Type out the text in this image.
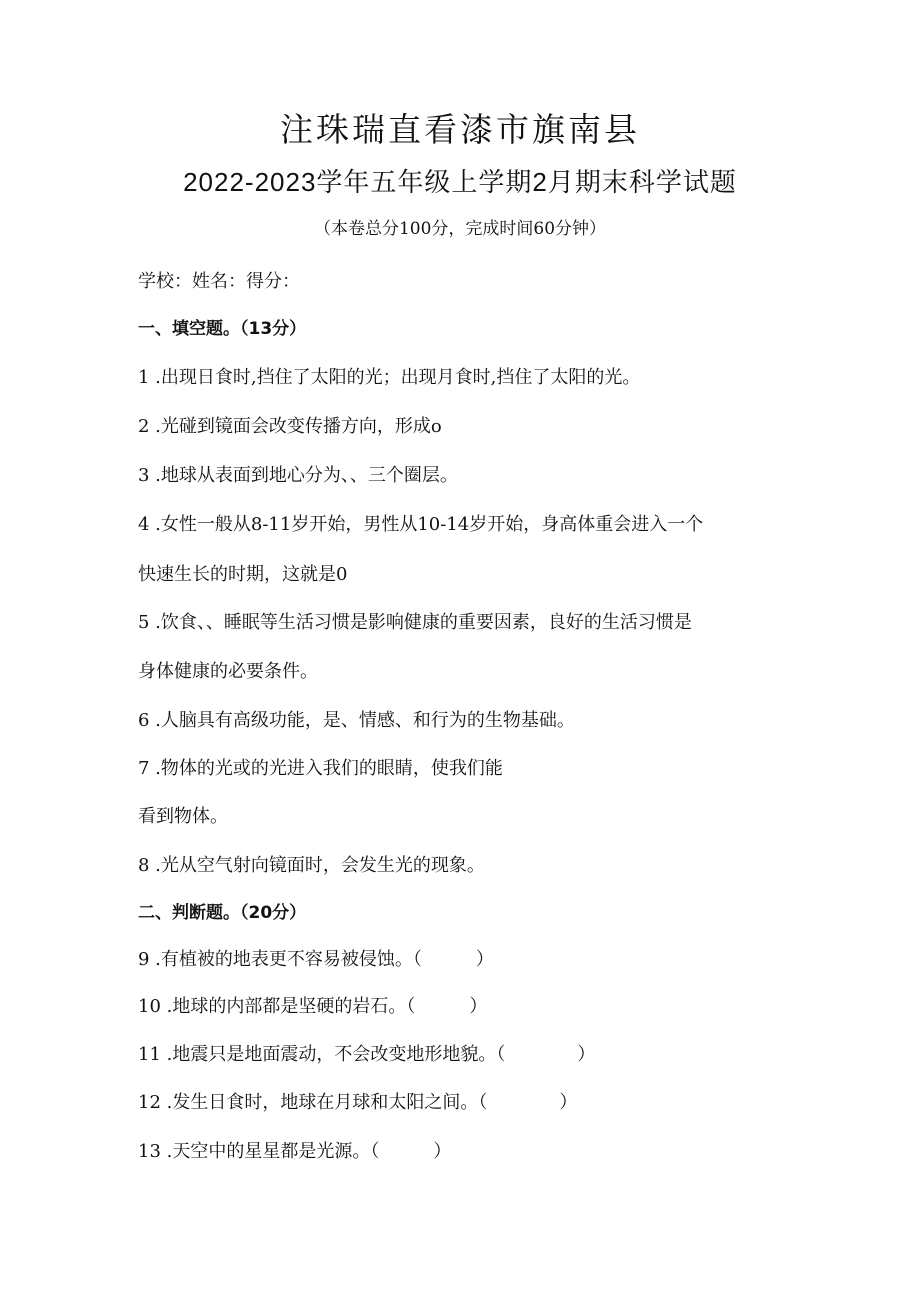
注珠瑞直看漆市旗南县
2022-2023学年五年级上学期2月期末科学试题
（本卷总分100分，完成时间60分钟）
学校：姓名：得分：
一、填空题。（13分）
1 .出现日食时,挡住了太阳的光；出现月食时,挡住了太阳的光。
2 .光碰到镜面会改变传播方向，形成o
3 .地球从表面到地心分为、、三个圈层。
4 .女性一般从8-11岁开始，男性从10-14岁开始，身高体重会进入一个
快速生长的时期，这就是0
5 .饮食、、睡眠等生活习惯是影响健康的重要因素，良好的生活习惯是
身体健康的必要条件。
6 .人脑具有高级功能，是、情感、和行为的生物基础。
7 .物体的光或的光进入我们的眼睛，使我们能
看到物体。
8 .光从空气射向镜面时，会发生光的现象。
二、判断题。（20分）
9 .有植被的地表更不容易被侵蚀。（　　　）
10 .地球的内部都是坚硬的岩石。（　　　）
11 .地震只是地面震动，不会改变地形地貌。（　　　　）
12 .发生日食时，地球在月球和太阳之间。（　　　　）
13 .天空中的星星都是光源。（　　　）
